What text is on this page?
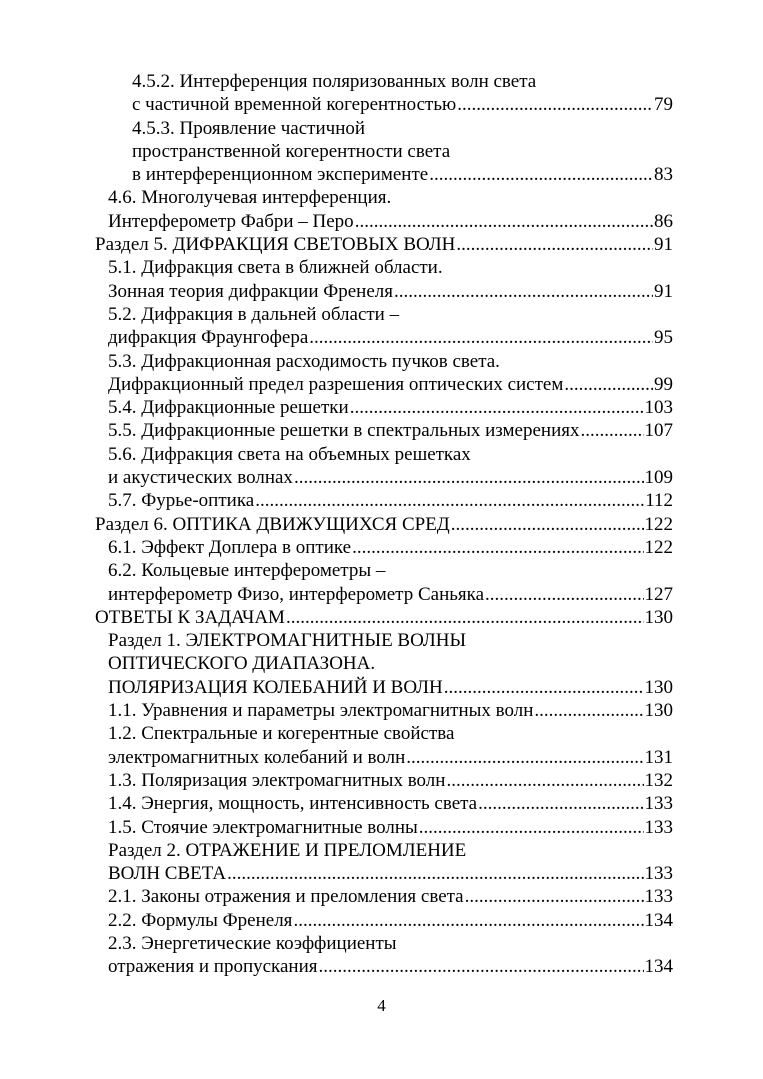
4.5.2. Интерференция поляризованных волн света
с частичной временной когерентностью .....	79
4.5.3. Проявление частичной
пространственной когерентности света
в интерференционном эксперименте .....	83
4.6. Многолучевая интерференция.
Интерферометр Фабри – Перо .....	86
Раздел 5. ДИФРАКЦИЯ СВЕТОВЫХ ВОЛН .....	91
5.1. Дифракция света в ближней области.
Зонная теория дифракции Френеля .....	91
5.2. Дифракция в дальней области –
дифракция Фраунгофера .....	95
5.3. Дифракционная расходимость пучков света.
Дифракционный предел разрешения оптических систем .....	99
5.4. Дифракционные решетки .....	103
5.5. Дифракционные решетки в спектральных измерениях .....	107
5.6. Дифракция света на объемных решетках
и акустических волнах .....	109
5.7. Фурье-оптика .....	112
Раздел 6. ОПТИКА ДВИЖУЩИХСЯ СРЕД .....	122
6.1. Эффект Доплера в оптике .....	122
6.2. Кольцевые интерферометры –
интерферометр Физо, интерферометр Саньяка .....	127
ОТВЕТЫ К ЗАДАЧАМ .....	130
Раздел 1. ЭЛЕКТРОМАГНИТНЫЕ ВОЛНЫ
ОПТИЧЕСКОГО ДИАПАЗОНА.
ПОЛЯРИЗАЦИЯ КОЛЕБАНИЙ И ВОЛН .....	130
1.1. Уравнения и параметры электромагнитных волн .....	130
1.2. Спектральные и когерентные свойства
электромагнитных колебаний и волн .....	131
1.3. Поляризация электромагнитных волн .....	132
1.4. Энергия, мощность, интенсивность света .....	133
1.5. Стоячие электромагнитные волны .....	133
Раздел 2. ОТРАЖЕНИЕ И ПРЕЛОМЛЕНИЕ
ВОЛН СВЕТА .....	133
2.1. Законы отражения и преломления света .....	133
2.2. Формулы Френеля .....	134
2.3. Энергетические коэффициенты
отражения и пропускания .....	134
4
